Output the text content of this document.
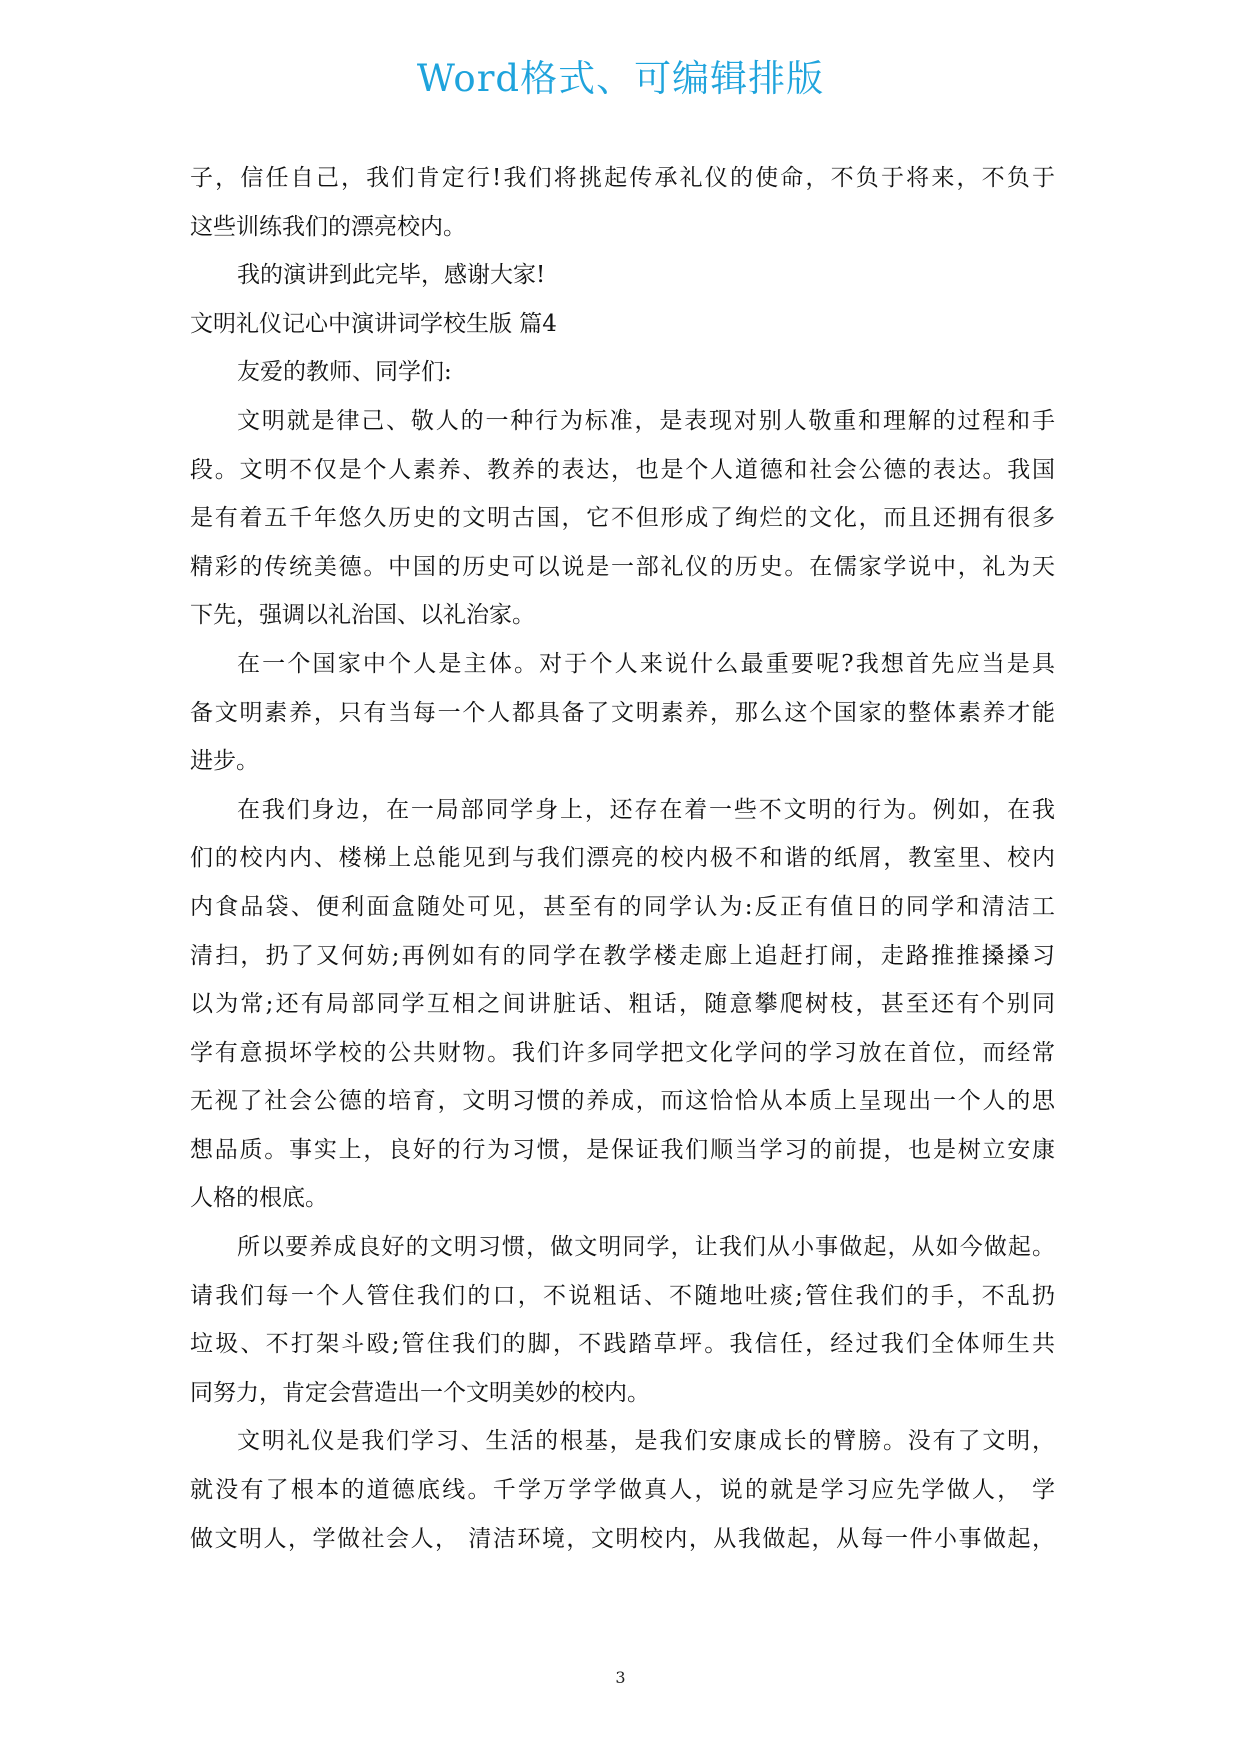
Word格式、可编辑排版
子，信任自己，我们肯定行!我们将挑起传承礼仪的使命，不负于将来，不负于
这些训练我们的漂亮校内。
我的演讲到此完毕，感谢大家!
文明礼仪记心中演讲词学校生版 篇4
友爱的教师、同学们:
文明就是律己、敬人的一种行为标准，是表现对别人敬重和理解的过程和手
段。文明不仅是个人素养、教养的表达，也是个人道德和社会公德的表达。我国
是有着五千年悠久历史的文明古国，它不但形成了绚烂的文化，而且还拥有很多
精彩的传统美德。中国的历史可以说是一部礼仪的历史。在儒家学说中，礼为天
下先，强调以礼治国、以礼治家。
在一个国家中个人是主体。对于个人来说什么最重要呢?我想首先应当是具
备文明素养，只有当每一个人都具备了文明素养，那么这个国家的整体素养才能
进步。
在我们身边，在一局部同学身上，还存在着一些不文明的行为。例如，在我
们的校内内、楼梯上总能见到与我们漂亮的校内极不和谐的纸屑，教室里、校内
内食品袋、便利面盒随处可见，甚至有的同学认为:反正有值日的同学和清洁工
清扫，扔了又何妨;再例如有的同学在教学楼走廊上追赶打闹，走路推推搡搡习
以为常;还有局部同学互相之间讲脏话、粗话，随意攀爬树枝，甚至还有个别同
学有意损坏学校的公共财物。我们许多同学把文化学问的学习放在首位，而经常
无视了社会公德的培育，文明习惯的养成，而这恰恰从本质上呈现出一个人的思
想品质。事实上，良好的行为习惯，是保证我们顺当学习的前提，也是树立安康
人格的根底。
所以要养成良好的文明习惯，做文明同学，让我们从小事做起，从如今做起。
请我们每一个人管住我们的口，不说粗话、不随地吐痰;管住我们的手，不乱扔
垃圾、不打架斗殴;管住我们的脚，不践踏草坪。我信任，经过我们全体师生共
同努力，肯定会营造出一个文明美妙的校内。
文明礼仪是我们学习、生活的根基，是我们安康成长的臂膀。没有了文明，
就没有了根本的道德底线。千学万学学做真人，说的就是学习应先学做人， 学
做文明人，学做社会人， 清洁环境，文明校内，从我做起，从每一件小事做起，
3
